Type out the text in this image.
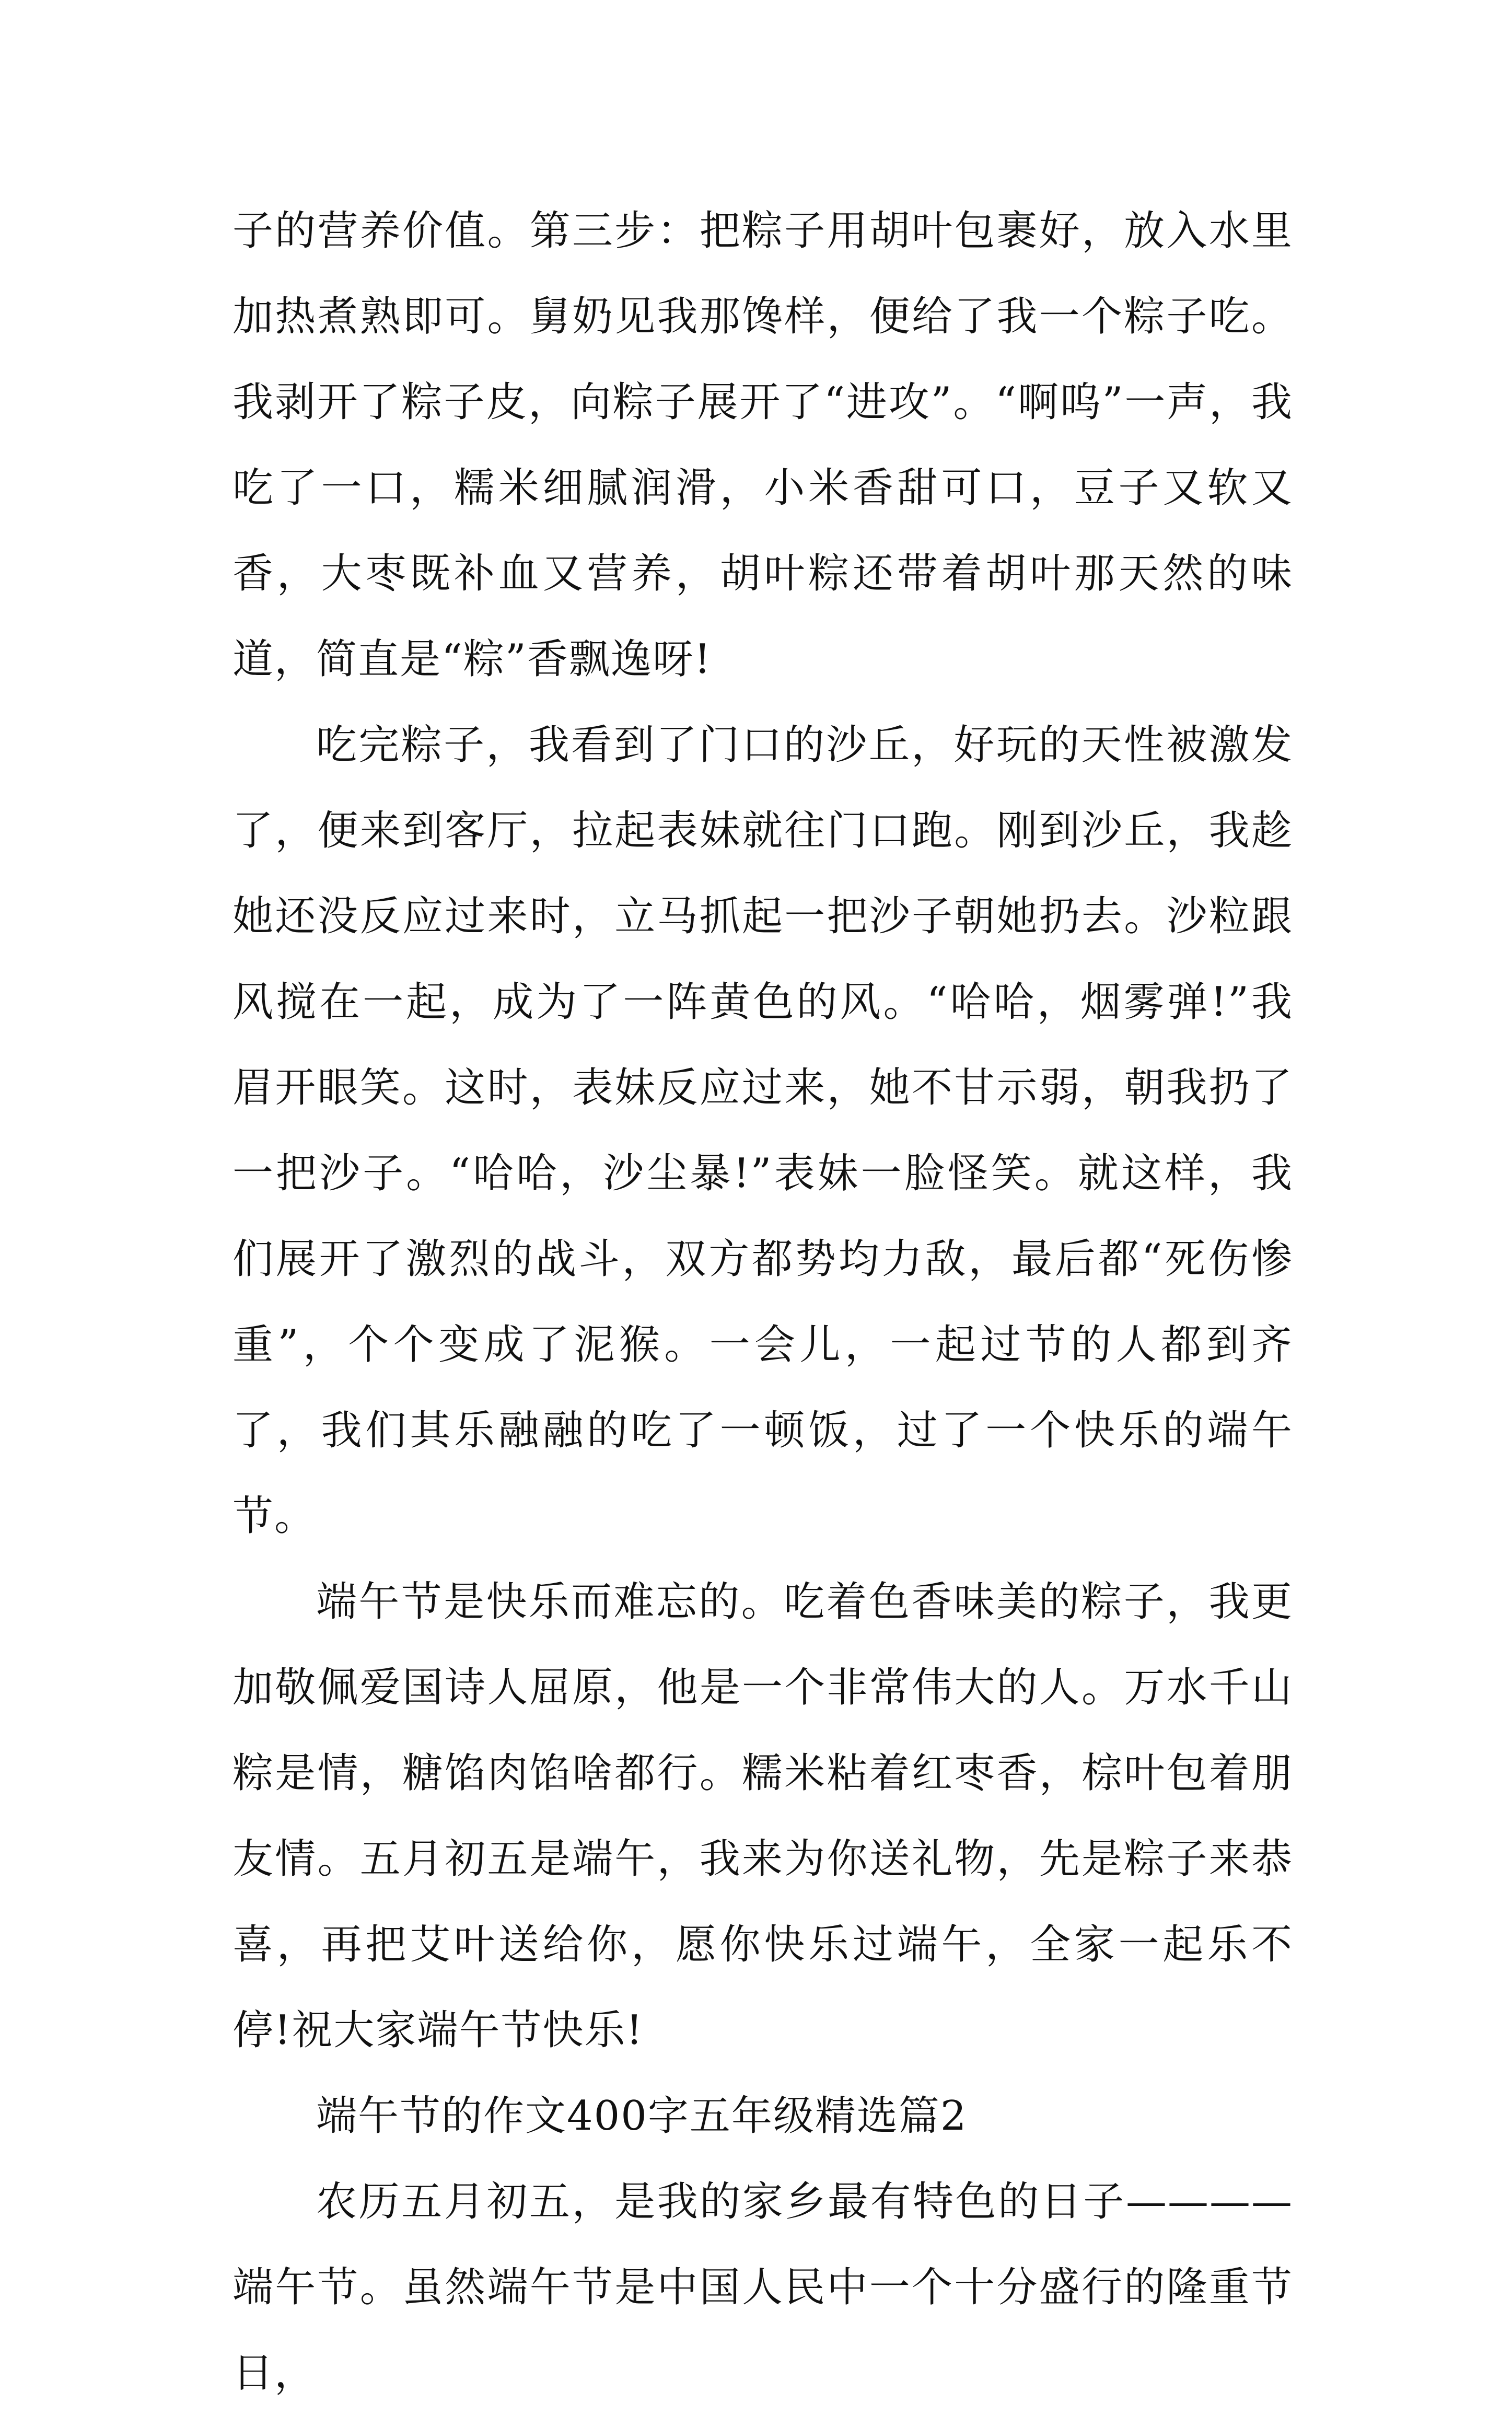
子的营养价值。第三步：把粽子用胡叶包裹好，放入水里加热煮熟即可。舅奶见我那馋样，便给了我一个粽子吃。我剥开了粽子皮，向粽子展开了“进攻”。“啊呜”一声，我吃了一口，糯米细腻润滑，小米香甜可口，豆子又软又香，大枣既补血又营养，胡叶粽还带着胡叶那天然的味道，简直是“粽”香飘逸呀!

吃完粽子，我看到了门口的沙丘，好玩的天性被激发了，便来到客厅，拉起表妹就往门口跑。刚到沙丘，我趁她还没反应过来时，立马抓起一把沙子朝她扔去。沙粒跟风搅在一起，成为了一阵黄色的风。“哈哈，烟雾弹!”我眉开眼笑。这时，表妹反应过来，她不甘示弱，朝我扔了一把沙子。“哈哈，沙尘暴!”表妹一脸怪笑。就这样，我们展开了激烈的战斗，双方都势均力敌，最后都“死伤惨重”，个个变成了泥猴。一会儿，一起过节的人都到齐了，我们其乐融融的吃了一顿饭，过了一个快乐的端午节。

端午节是快乐而难忘的。吃着色香味美的粽子，我更加敬佩爱国诗人屈原，他是一个非常伟大的人。万水千山粽是情，糖馅肉馅啥都行。糯米粘着红枣香，棕叶包着朋友情。五月初五是端午，我来为你送礼物，先是粽子来恭喜，再把艾叶送给你，愿你快乐过端午，全家一起乐不停!祝大家端午节快乐!

端午节的作文400字五年级精选篇2

农历五月初五，是我的家乡最有特色的日子————端午节。虽然端午节是中国人民中一个十分盛行的隆重节日，
